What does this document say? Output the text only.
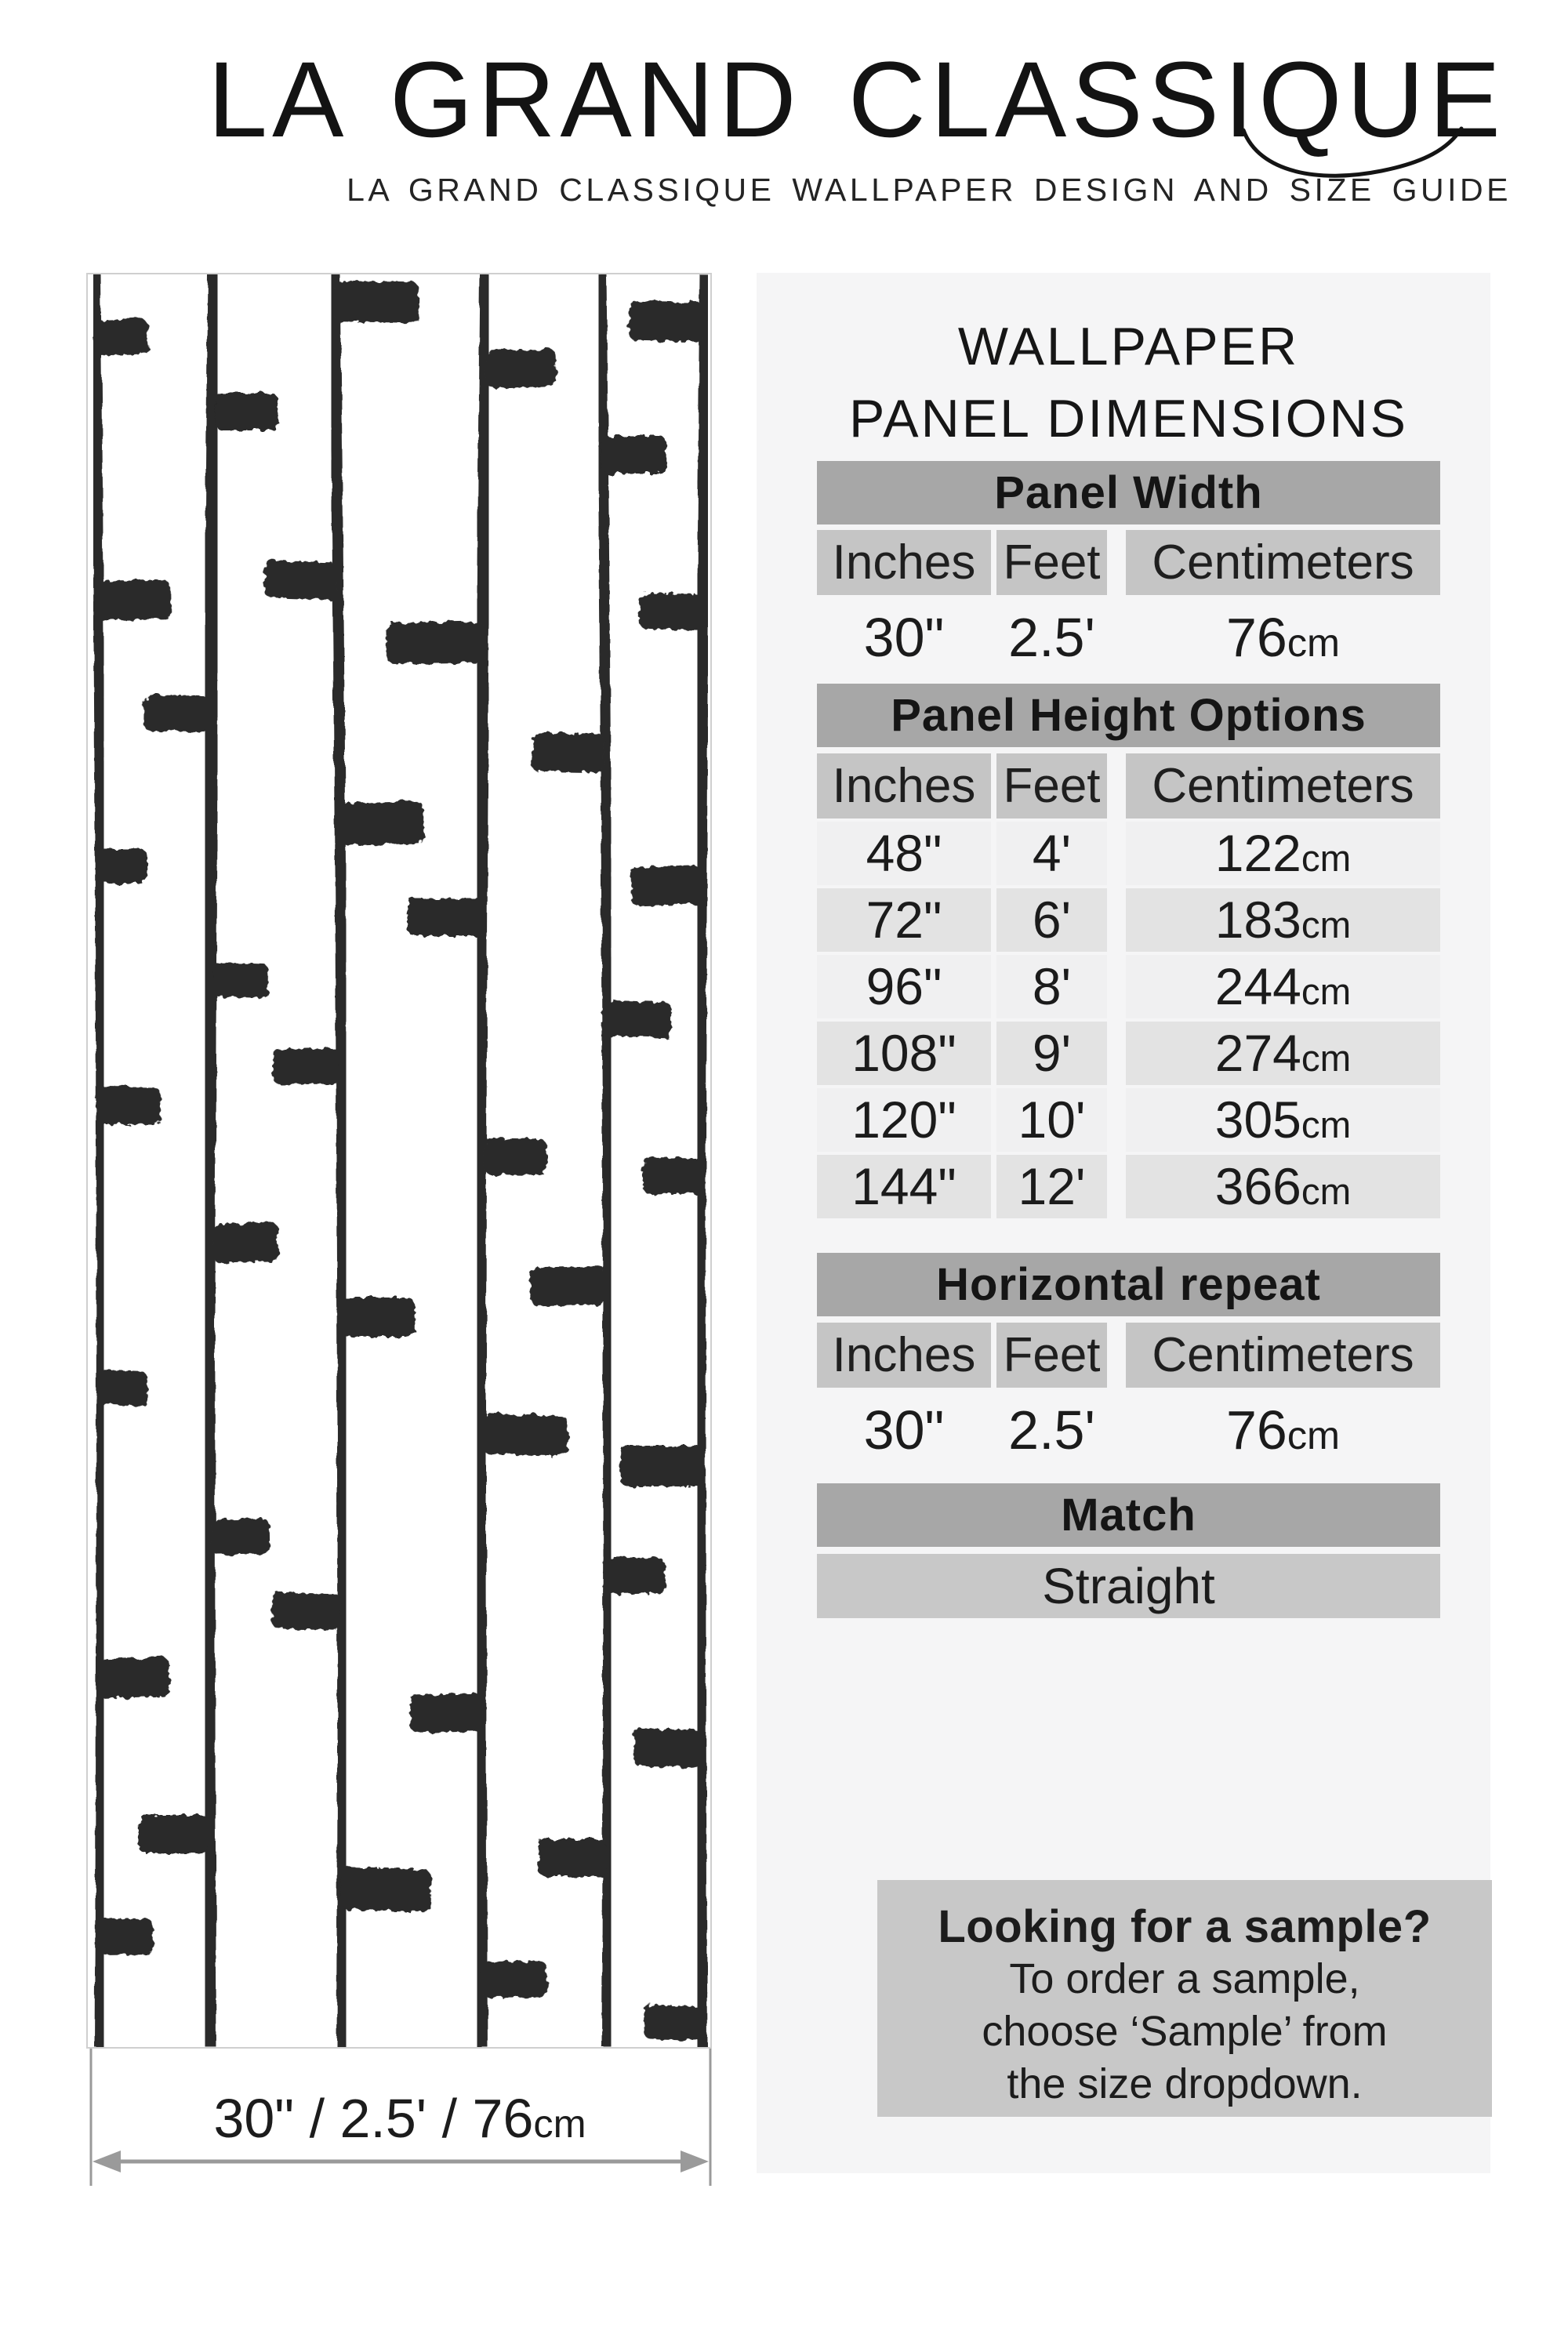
LA GRAND CLASSIQUE
LA GRAND CLASSIQUE WALLPAPER DESIGN AND SIZE GUIDE
30" / 2.5' / 76cm
WALLPAPER
PANEL DIMENSIONS
Panel Width
Inches Feet	Centimeters
30"	2.5'	76cm
Panel Height Options
Inches Feet	Centimeters
48"	4'	122cm
72"	6'	183cm
96"	8'	244cm
108"	9'	274cm
120"	10'	305cm
144"	12'	366cm
Horizontal repeat
Inches Feet	Centimeters
30"	2.5'	76cm
Match
Straight
Looking for a sample?
To order a sample,
choose ‘Sample’ from
the size dropdown.
